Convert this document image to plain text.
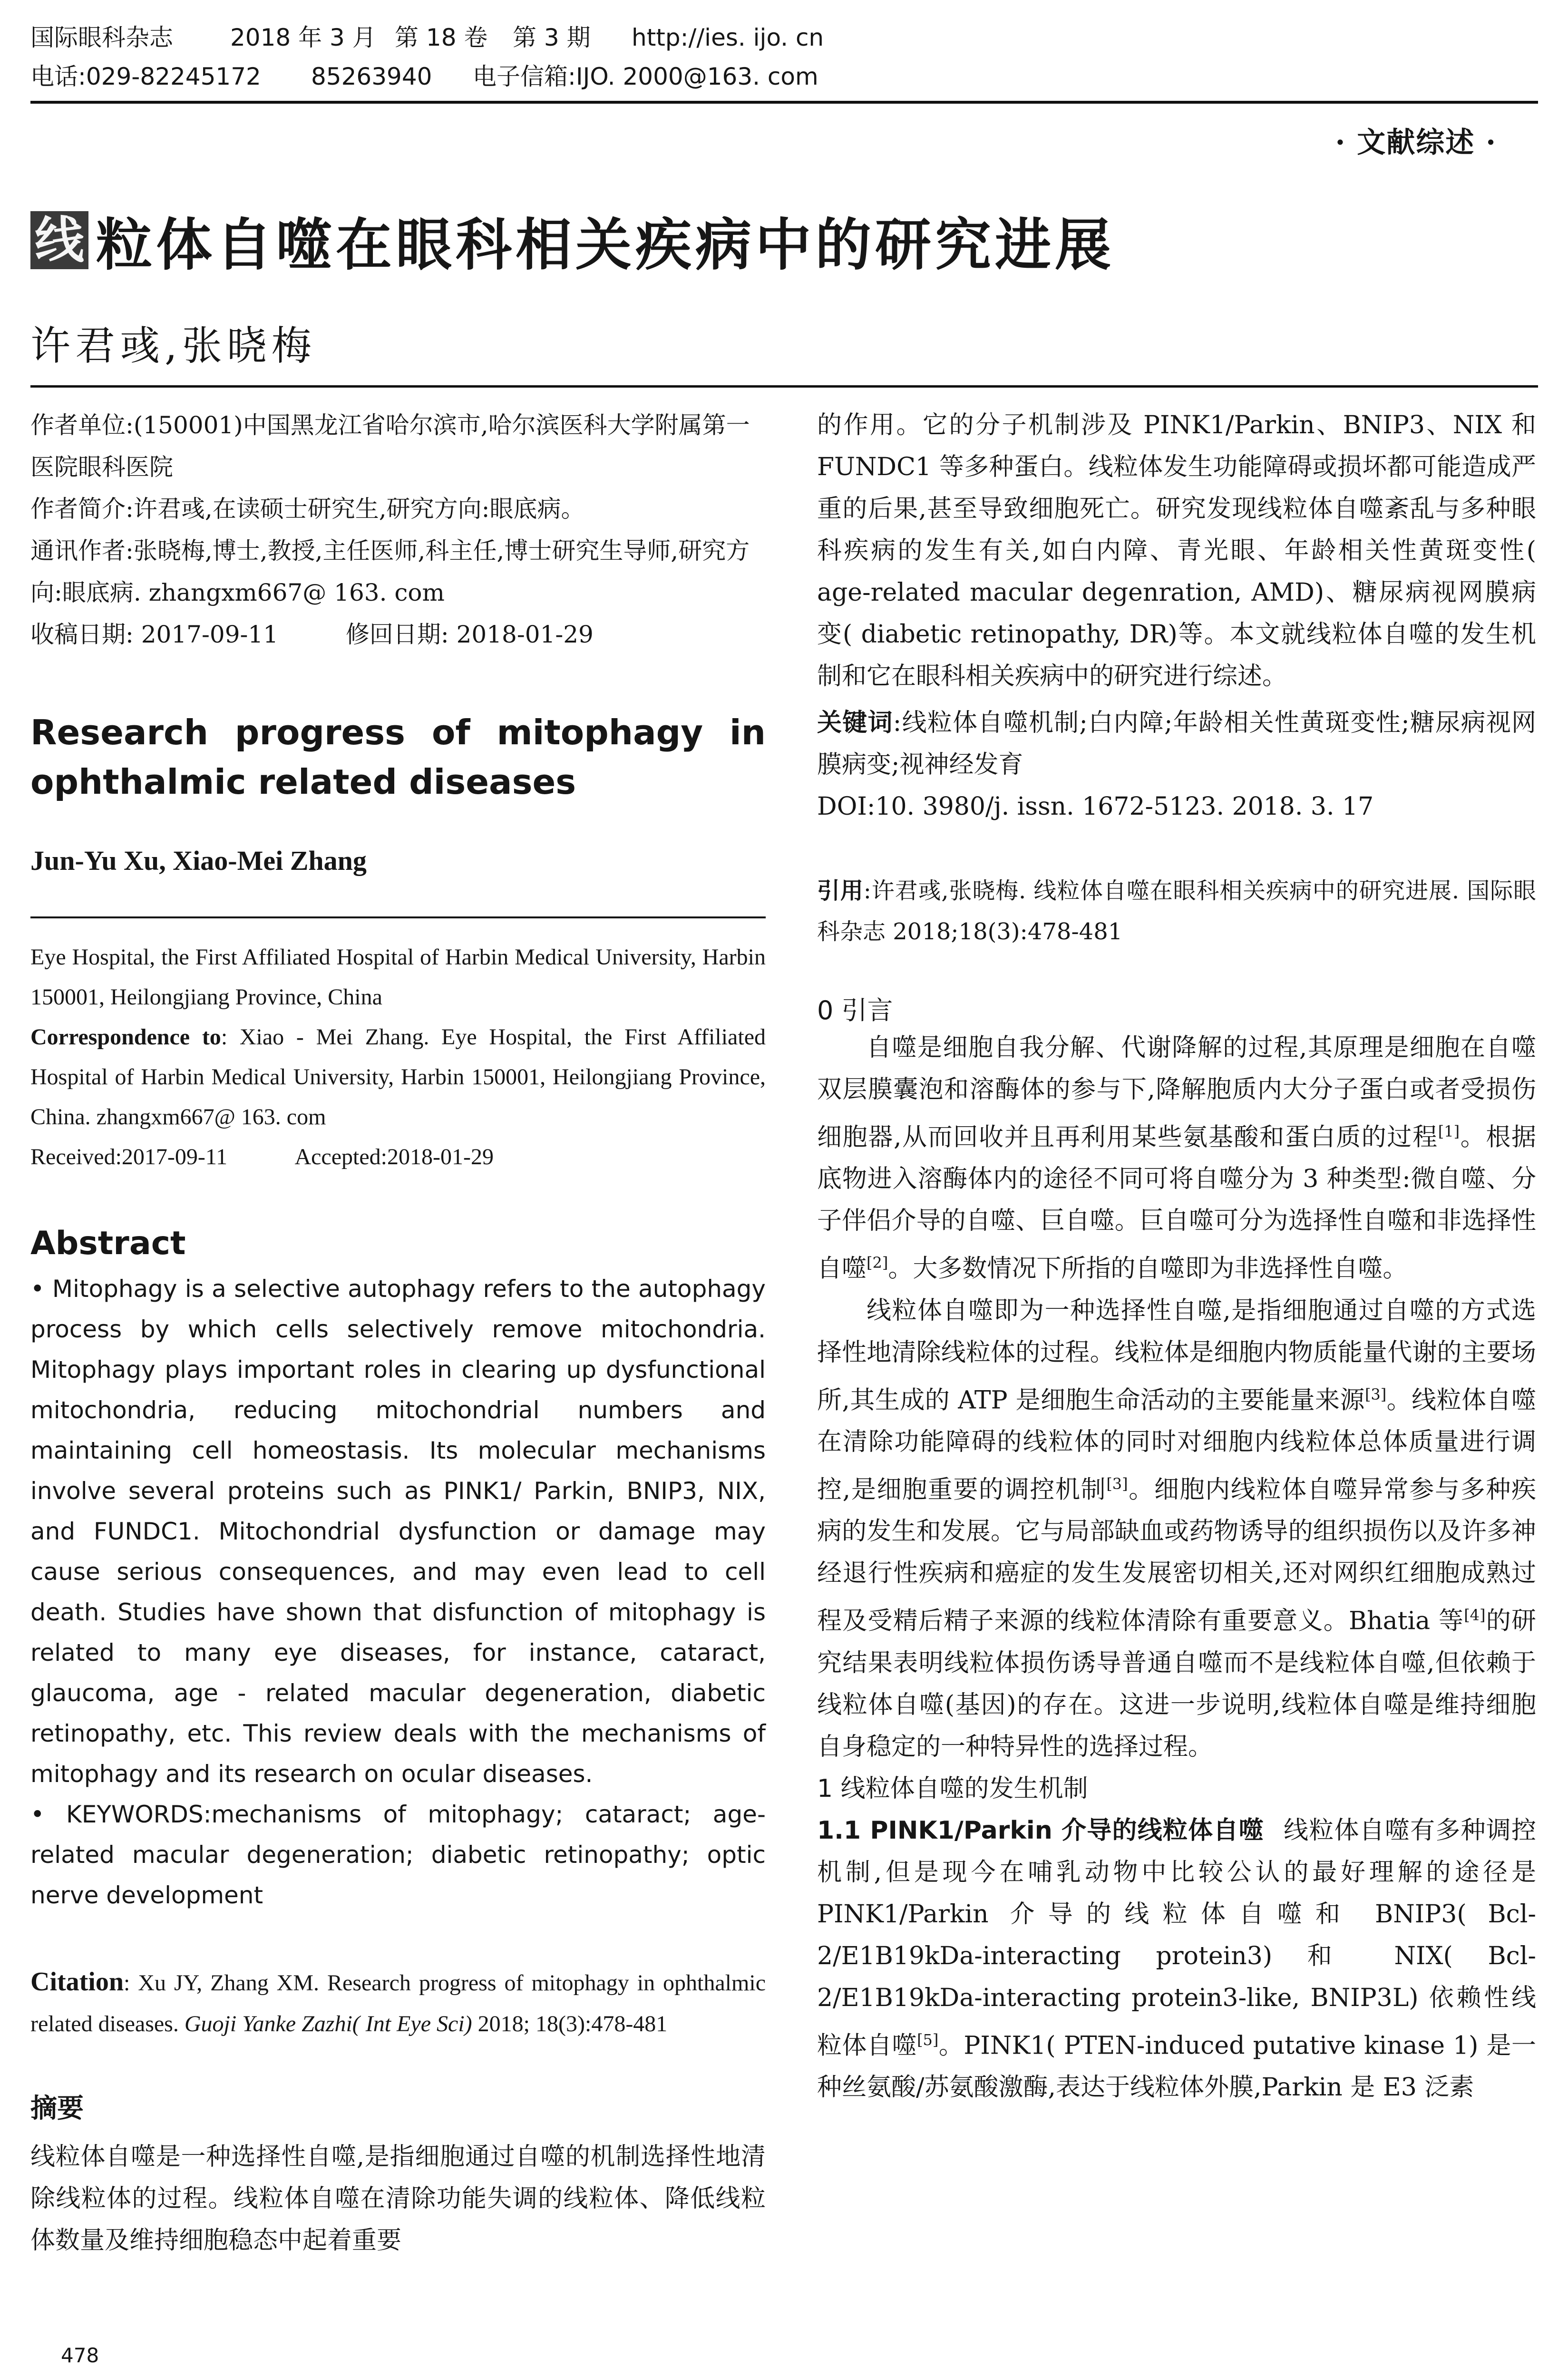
国际眼科杂志	2018 年 3 月 第 18 卷	第 3 期	http://ies. ijo. cn
电话:029-82245172	85263940	电子信箱:IJO. 2000@163. com
· 文献综述 ·
线 粒体自噬在眼科相关疾病中的研究进展
许君彧,张晓梅
作者单位:(150001)中国黑龙江省哈尔滨市,哈尔滨医科大学附属第一医院眼科医院
作者简介:许君彧,在读硕士研究生,研究方向:眼底病。
通讯作者:张晓梅,博士,教授,主任医师,科主任,博士研究生导师,研究方向:眼底病. zhangxm667@ 163. com
收稿日期: 2017-09-11	修回日期: 2018-01-29
Research progress of mitophagy in
ophthalmic related diseases
Jun-Yu Xu, Xiao-Mei Zhang
Eye Hospital, the First Affiliated Hospital of Harbin Medical University, Harbin 150001, Heilongjiang Province, China
Correspondence to: Xiao - Mei Zhang. Eye Hospital, the First Affiliated Hospital of Harbin Medical University, Harbin 150001, Heilongjiang Province, China. zhangxm667@ 163. com
Received:2017-09-11	Accepted:2018-01-29
Abstract
• Mitophagy is a selective autophagy refers to the autophagy process by which cells selectively remove mitochondria. Mitophagy plays important roles in clearing up dysfunctional mitochondria, reducing mitochondrial numbers and maintaining cell homeostasis. Its molecular mechanisms involve several proteins such as PINK1/ Parkin, BNIP3, NIX, and FUNDC1. Mitochondrial dysfunction or damage may cause serious consequences, and may even lead to cell death. Studies have shown that disfunction of mitophagy is related to many eye diseases, for instance, cataract, glaucoma, age - related macular degeneration, diabetic retinopathy, etc. This review deals with the mechanisms of mitophagy and its research on ocular diseases.
• KEYWORDS:mechanisms of mitophagy; cataract; age-related macular degeneration; diabetic retinopathy; optic nerve development
Citation: Xu JY, Zhang XM. Research progress of mitophagy in ophthalmic related diseases. Guoji Yanke Zazhi( Int Eye Sci) 2018; 18(3):478-481
摘要
线粒体自噬是一种选择性自噬,是指细胞通过自噬的机制选择性地清除线粒体的过程。线粒体自噬在清除功能失调的线粒体、降低线粒体数量及维持细胞稳态中起着重要
的作用。它的分子机制涉及 PINK1/Parkin、BNIP3、NIX 和 FUNDC1 等多种蛋白。线粒体发生功能障碍或损坏都可能造成严重的后果,甚至导致细胞死亡。研究发现线粒体自噬紊乱与多种眼科疾病的发生有关,如白内障、青光眼、年龄相关性黄斑变性( age-related macular degenration, AMD)、糖尿病视网膜病变( diabetic retinopathy, DR)等。本文就线粒体自噬的发生机制和它在眼科相关疾病中的研究进行综述。
关键词:线粒体自噬机制;白内障;年龄相关性黄斑变性;糖尿病视网膜病变;视神经发育
DOI:10. 3980/j. issn. 1672-5123. 2018. 3. 17
引用:许君彧,张晓梅. 线粒体自噬在眼科相关疾病中的研究进展. 国际眼科杂志 2018;18(3):478-481
0 引言
自噬是细胞自我分解、代谢降解的过程,其原理是细胞在自噬双层膜囊泡和溶酶体的参与下,降解胞质内大分子蛋白或者受损伤细胞器,从而回收并且再利用某些氨基酸和蛋白质的过程[1]。根据底物进入溶酶体内的途径不同可将自噬分为 3 种类型:微自噬、分子伴侣介导的自噬、巨自噬。巨自噬可分为选择性自噬和非选择性自噬[2]。大多数情况下所指的自噬即为非选择性自噬。
线粒体自噬即为一种选择性自噬,是指细胞通过自噬的方式选择性地清除线粒体的过程。线粒体是细胞内物质能量代谢的主要场所,其生成的 ATP 是细胞生命活动的主要能量来源[3]。线粒体自噬在清除功能障碍的线粒体的同时对细胞内线粒体总体质量进行调控,是细胞重要的调控机制[3]。细胞内线粒体自噬异常参与多种疾病的发生和发展。它与局部缺血或药物诱导的组织损伤以及许多神经退行性疾病和癌症的发生发展密切相关,还对网织红细胞成熟过程及受精后精子来源的线粒体清除有重要意义。Bhatia 等[4]的研究结果表明线粒体损伤诱导普通自噬而不是线粒体自噬,但依赖于线粒体自噬(基因)的存在。这进一步说明,线粒体自噬是维持细胞自身稳定的一种特异性的选择过程。
1 线粒体自噬的发生机制
1.1 PINK1/Parkin 介导的线粒体自噬 线粒体自噬有多种调控机制,但是现今在哺乳动物中比较公认的最好理解的途径是 PINK1/Parkin 介导的线粒体自噬和 BNIP3( Bcl-2/E1B19kDa-interacting protein3) 和 NIX( Bcl-2/E1B19kDa-interacting protein3-like, BNIP3L) 依赖性线粒体自噬[5]。PINK1( PTEN-induced putative kinase 1) 是一种丝氨酸/苏氨酸激酶,表达于线粒体外膜,Parkin 是 E3 泛素
478
